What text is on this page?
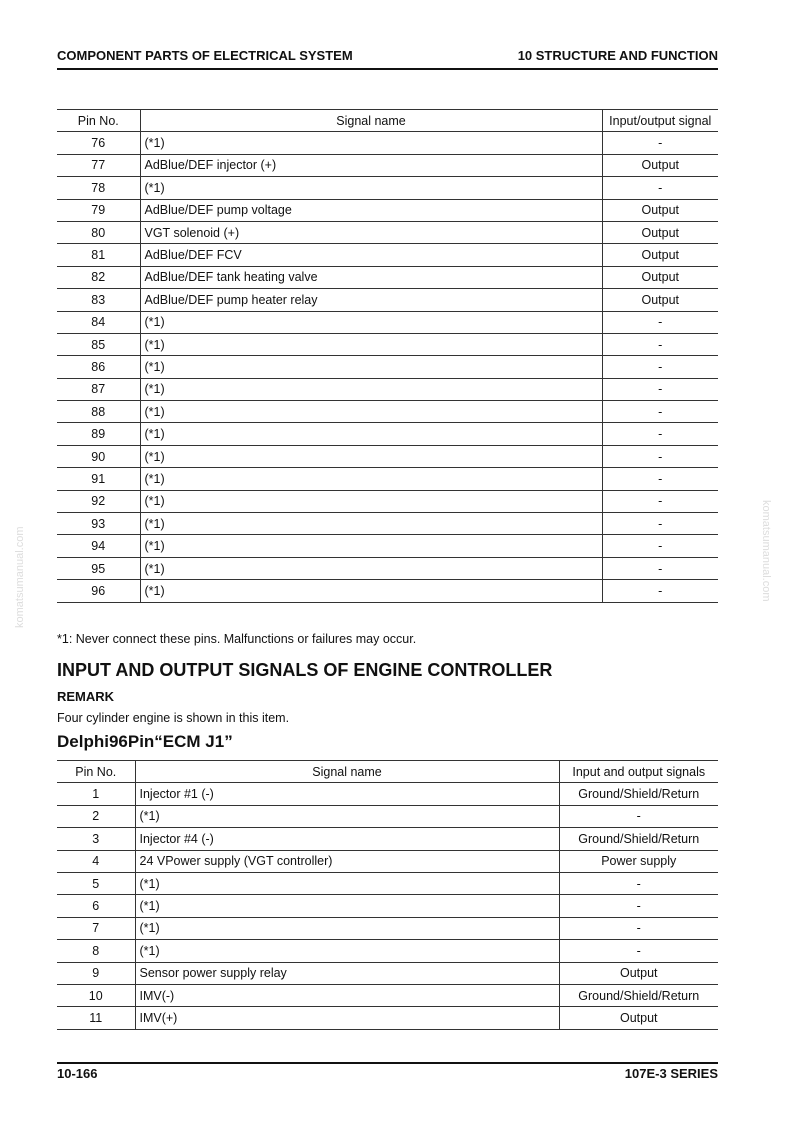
COMPONENT PARTS OF ELECTRICAL SYSTEM	10 STRUCTURE AND FUNCTION
Pin No.	Signal name	Input/output signal
76	(*1)	-
77	AdBlue/DEF injector (+)	Output
78	(*1)	-
79	AdBlue/DEF pump voltage	Output
80	VGT solenoid (+)	Output
81	AdBlue/DEF FCV	Output
82	AdBlue/DEF tank heating valve	Output
83	AdBlue/DEF pump heater relay	Output
84	(*1)	-
85	(*1)	-
86	(*1)	-
87	(*1)	-
88	(*1)	-
89	(*1)	-
90	(*1)	-
91	(*1)	-
92	(*1)	-
93	(*1)	-
94	(*1)	-
95	(*1)	-
96	(*1)	-
*1: Never connect these pins. Malfunctions or failures may occur.
INPUT AND OUTPUT SIGNALS OF ENGINE CONTROLLER
REMARK
Four cylinder engine is shown in this item.
Delphi96Pin“ECM J1”
Pin No.	Signal name	Input and output signals
1	Injector #1 (-)	Ground/Shield/Return
2	(*1)	-
3	Injector #4 (-)	Ground/Shield/Return
4	24 VPower supply (VGT controller)	Power supply
5	(*1)	-
6	(*1)	-
7	(*1)	-
8	(*1)	-
9	Sensor power supply relay	Output
10	IMV(-)	Ground/Shield/Return
11	IMV(+)	Output
10-166	107E-3 SERIES
komatsumanual.com	komatsumanual.com
